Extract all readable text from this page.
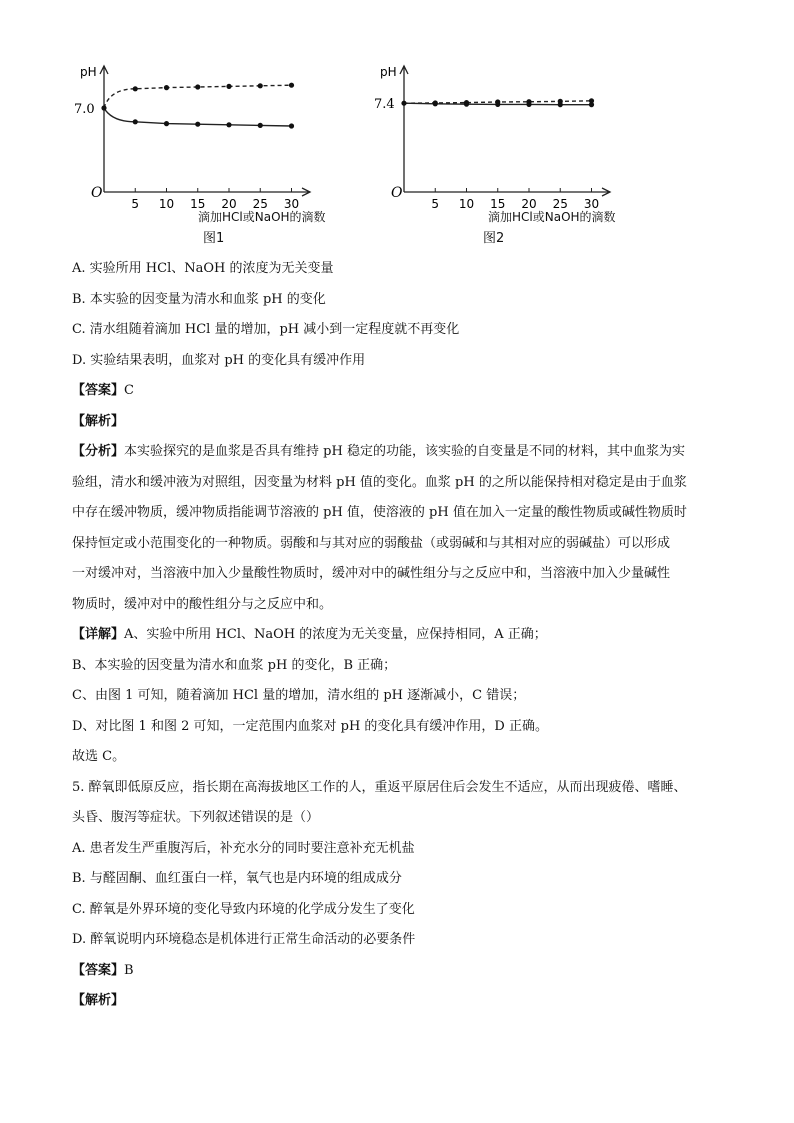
pH
O
7.0
5 10 15 20 25 30
滴加HCl或NaOH的滴数
图1
pH
O
7.4
5 10 15 20 25 30
滴加HCl或NaOH的滴数
图2
A. 实验所用 HCl、NaOH 的浓度为无关变量
B. 本实验的因变量为清水和血浆 pH 的变化
C. 清水组随着滴加 HCl 量的增加，pH 减小到一定程度就不再变化
D. 实验结果表明，血浆对 pH 的变化具有缓冲作用
【答案】C
【解析】
【分析】本实验探究的是血浆是否具有维持 pH 稳定的功能，该实验的自变量是不同的材料，其中血浆为实
验组，清水和缓冲液为对照组，因变量为材料 pH 值的变化。血浆 pH 的之所以能保持相对稳定是由于血浆
中存在缓冲物质，缓冲物质指能调节溶液的 pH 值，使溶液的 pH 值在加入一定量的酸性物质或碱性物质时
保持恒定或小范围变化的一种物质。弱酸和与其对应的弱酸盐（或弱碱和与其相对应的弱碱盐）可以形成
一对缓冲对，当溶液中加入少量酸性物质时，缓冲对中的碱性组分与之反应中和，当溶液中加入少量碱性
物质时，缓冲对中的酸性组分与之反应中和。
【详解】A、实验中所用 HCl、NaOH 的浓度为无关变量，应保持相同，A 正确；
B、本实验的因变量为清水和血浆 pH 的变化，B 正确；
C、由图 1 可知，随着滴加 HCl 量的增加，清水组的 pH 逐渐减小，C 错误；
D、对比图 1 和图 2 可知，一定范围内血浆对 pH 的变化具有缓冲作用，D 正确。
故选 C。
5. 醉氧即低原反应，指长期在高海拔地区工作的人，重返平原居住后会发生不适应，从而出现疲倦、嗜睡、
头昏、腹泻等症状。下列叙述错误的是（）
A. 患者发生严重腹泻后，补充水分的同时要注意补充无机盐
B. 与醛固酮、血红蛋白一样，氧气也是内环境的组成成分
C. 醉氧是外界环境的变化导致内环境的化学成分发生了变化
D. 醉氧说明内环境稳态是机体进行正常生命活动的必要条件
【答案】B
【解析】
